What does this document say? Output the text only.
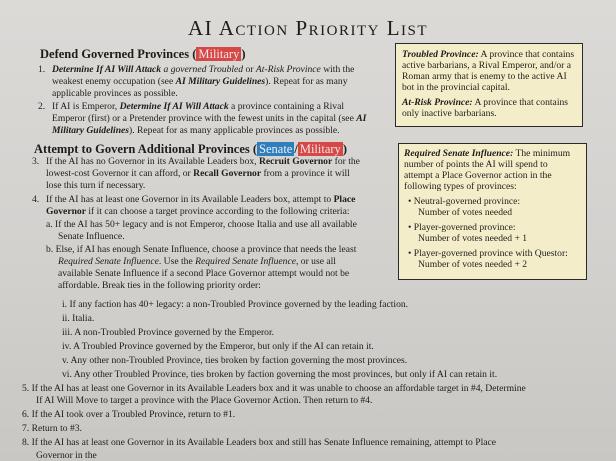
AI Action Priority List
Defend Governed Provinces ( Military )
1. Determine If AI Will Attack a governed Troubled or At-Risk Province with the
weakest enemy occupation (see AI Military Guidelines). Repeat for as many
applicable provinces as possible.
2. If AI is Emperor, Determine If AI Will Attack a province containing a Rival
Emperor (first) or a Pretender province with the fewest units in the capital (see AI
Military Guidelines). Repeat for as many applicable provinces as possible.
Troubled Province: A province that contains
active barbarians, a Rival Emperor, and/or a
Roman army that is enemy to the active AI
bot in the provincial capital.
At-Risk Province: A province that contains
only inactive barbarians.
Attempt to Govern Additional Provinces ( Senate / Military )
3. If the AI has no Governor in its Available Leaders box, Recruit Governor for the
lowest-cost Governor it can afford, or Recall Governor from a province it will
lose this turn if necessary.
4. If the AI has at least one Governor in its Available Leaders box, attempt to Place
Governor if it can choose a target province according to the following criteria:
a. If the AI has 50+ legacy and is not Emperor, choose Italia and use all available
Senate Influence.
b. Else, if AI has enough Senate Influence, choose a province that needs the least
Required Senate Influence. Use the Required Senate Influence, or use all
available Senate Influence if a second Place Governor attempt would not be
affordable. Break ties in the following priority order:
i. If any faction has 40+ legacy: a non-Troubled Province governed by the leading faction.
ii. Italia.
iii. A non-Troubled Province governed by the Emperor.
iv. A Troubled Province governed by the Emperor, but only if the AI can retain it.
v. Any other non-Troubled Province, ties broken by faction governing the most provinces.
vi. Any other Troubled Province, ties broken by faction governing the most provinces, but only if AI can retain it.
5. If the AI has at least one Governor in its Available Leaders box and it was unable to choose an affordable target in #4, Determine
If AI Will Move to target a province with the Place Governor Action. Then return to #4.
6. If the AI took over a Troubled Province, return to #1.
7. Return to #3.
8. If the AI has at least one Governor in its Available Leaders box and still has Senate Influence remaining, attempt to Place
Governor in the
Required Senate Influence: The minimum
number of points the AI will spend to
attempt a Place Governor action in the
following types of provinces:
• Neutral-governed province:
Number of votes needed
• Player-governed province:
Number of votes needed + 1
• Player-governed province with Questor:
Number of votes needed + 2
